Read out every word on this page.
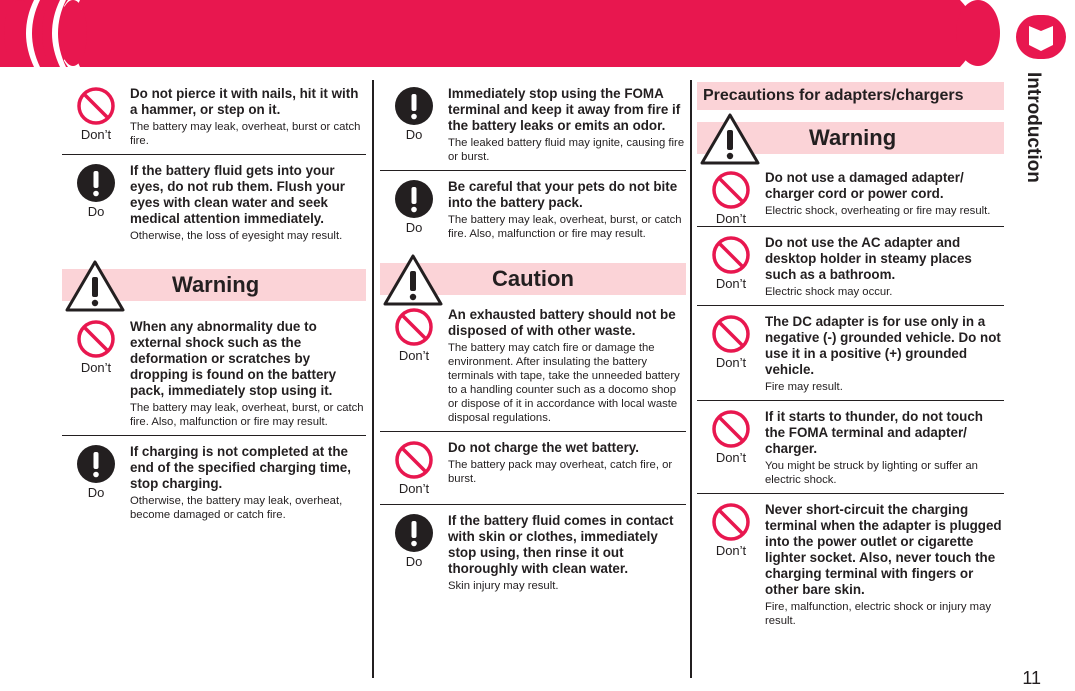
Introduction
Don’t

Do not pierce it with nails, hit it with a hammer, or step on it.

The battery may leak, overheat, burst or catch fire.

Do

If the battery fluid gets into your eyes, do not rub them. Flush your eyes with clean water and seek medical attention immediately.

Otherwise, the loss of eyesight may result.

Warning
Don’t

When any abnormality due to external shock such as the deformation or scratches by dropping is found on the battery pack, immediately stop using it.

The battery may leak, overheat, burst, or catch fire. Also, malfunction or fire may result.

Do

If charging is not completed at the end of the specified charging time, stop charging.

Otherwise, the battery may leak, overheat, become damaged or catch fire.

Do

Immediately stop using the FOMA terminal and keep it away from fire if the battery leaks or emits an odor.

The leaked battery fluid may ignite, causing fire or burst.

Do

Be careful that your pets do not bite into the battery pack.

The battery may leak, overheat, burst, or catch fire. Also, malfunction or fire may result.

Caution
Don’t

An exhausted battery should not be disposed of with other waste.

The battery may catch fire or damage the environment. After insulating the battery terminals with tape, take the unneeded battery to a handling counter such as a docomo shop or dispose of it in accordance with local waste disposal regulations.

Don’t

Do not charge the wet battery.

The battery pack may overheat, catch fire, or burst.

Do

If the battery fluid comes in contact with skin or clothes, immediately stop using, then rinse it out thoroughly with clean water.

Skin injury may result.

Precautions for adapters/chargers
Warning
Don’t

Do not use a damaged adapter/ charger cord or power cord.

Electric shock, overheating or fire may result.

Don’t

Do not use the AC adapter and desktop holder in steamy places such as a bathroom.

Electric shock may occur.

Don’t

The DC adapter is for use only in a negative (-) grounded vehicle. Do not use it in a positive (+) grounded vehicle.

Fire may result.

Don’t

If it starts to thunder, do not touch the FOMA terminal and adapter/ charger.

You might be struck by lighting or suffer an electric shock.

Don’t

Never short-circuit the charging terminal when the adapter is plugged into the power outlet or cigarette lighter socket. Also, never touch the charging terminal with fingers or other bare skin.

Fire, malfunction, electric shock or injury may result.

11
